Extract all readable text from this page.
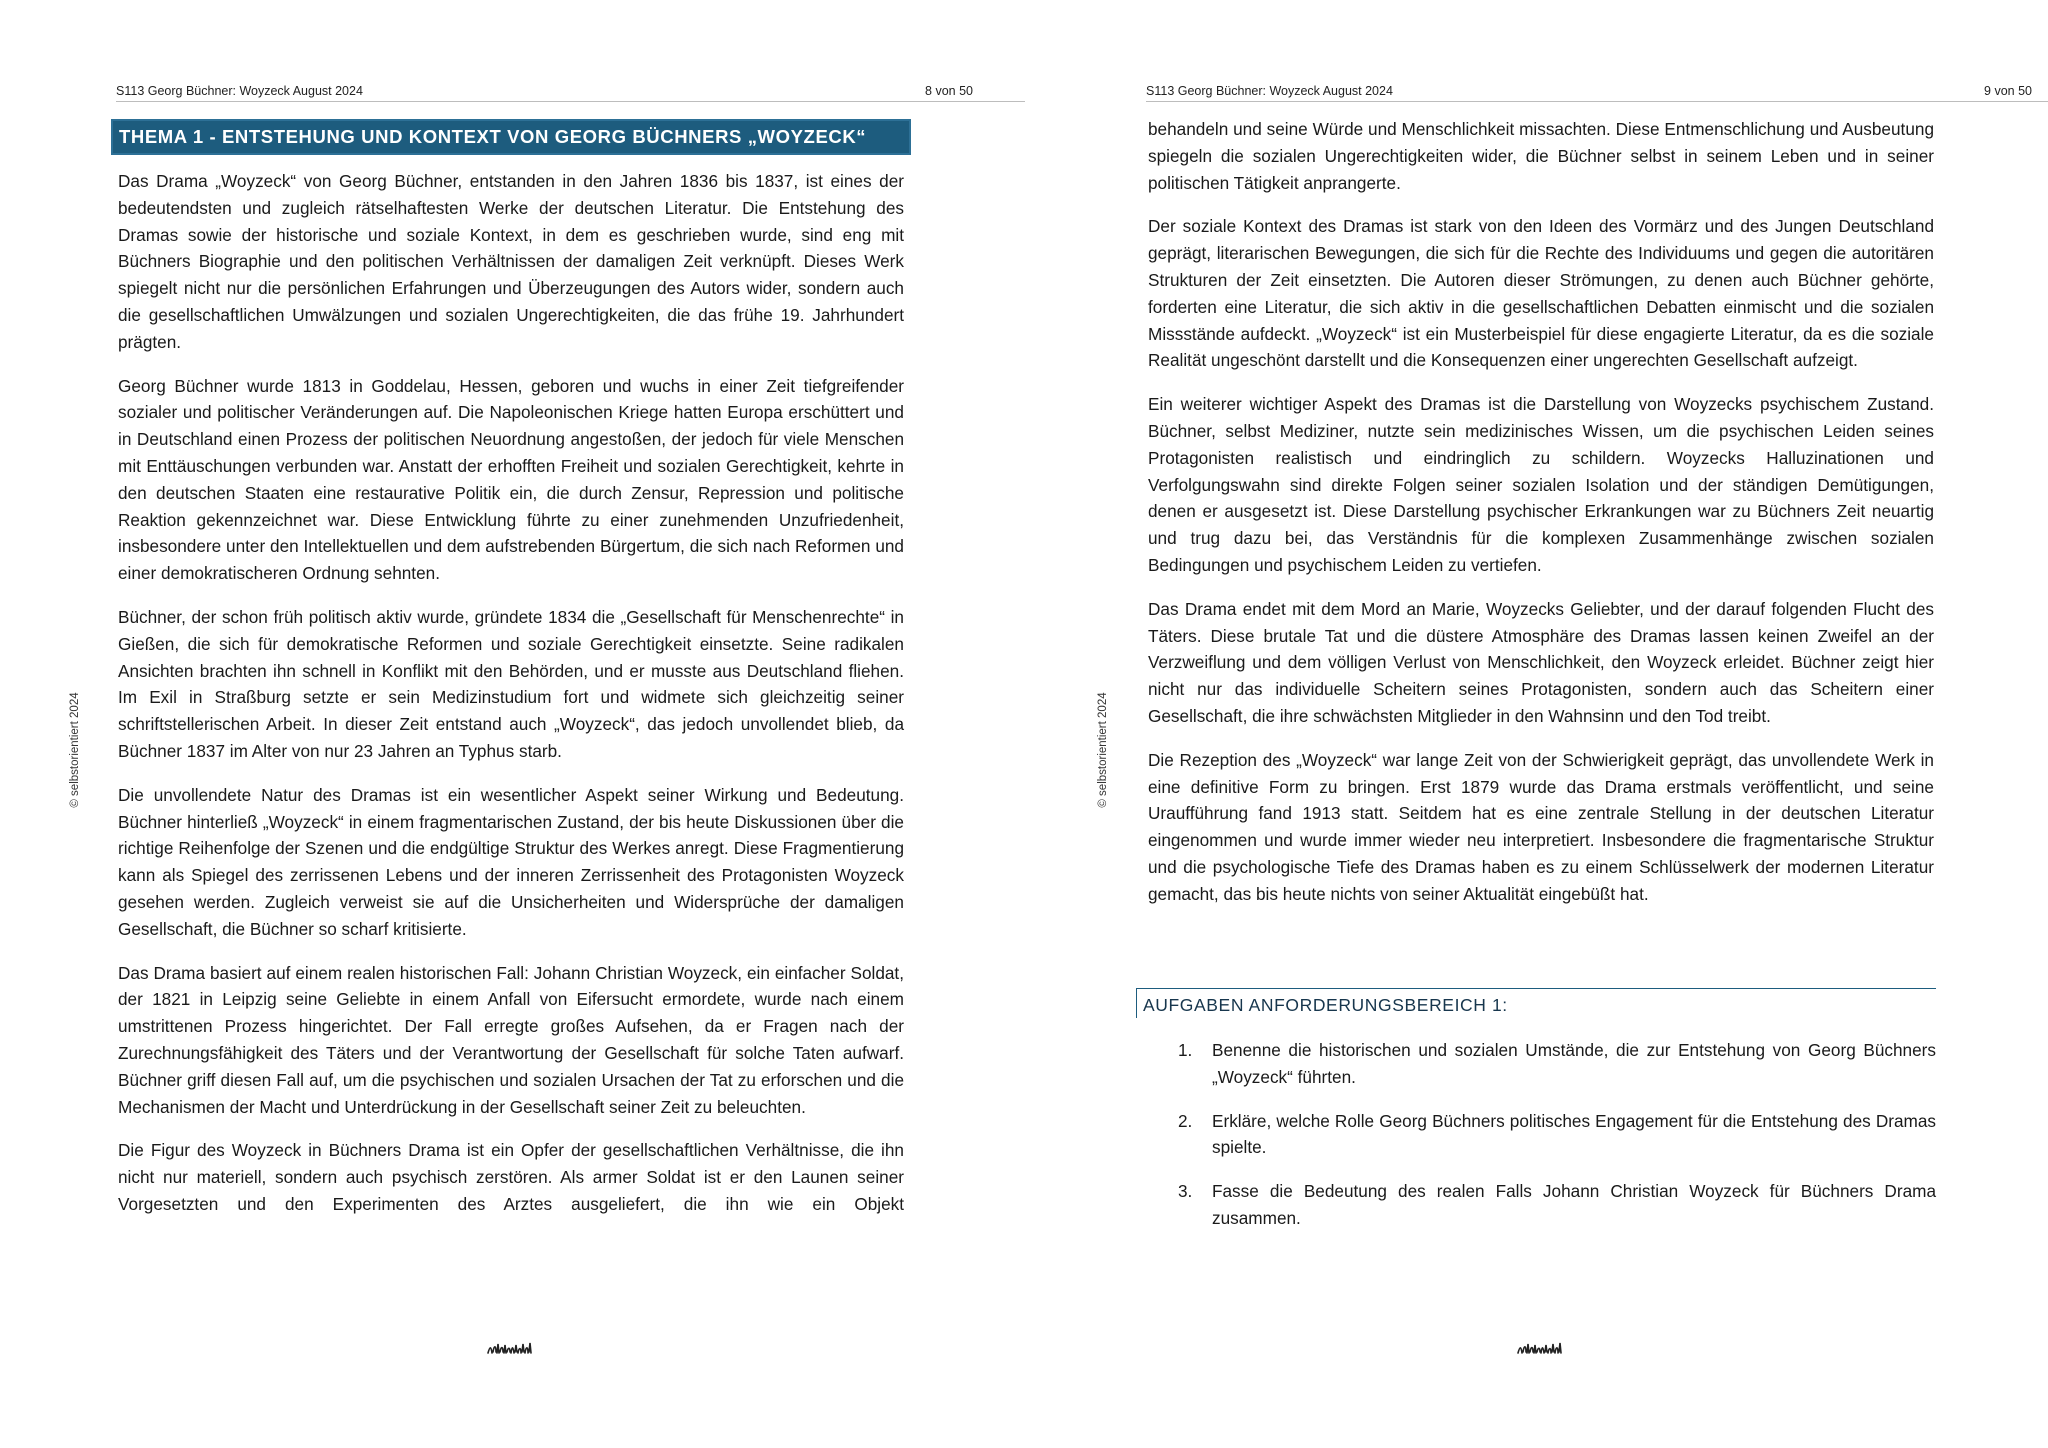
S113 Georg Büchner: Woyzeck August 2024	8 von 50
© selbstorientiert 2024
THEMA 1 - ENTSTEHUNG UND KONTEXT VON GEORG BÜCHNERS „WOYZECK“

Das Drama „Woyzeck“ von Georg Büchner, entstanden in den Jahren 1836 bis 1837, ist eines der bedeutendsten und zugleich rätselhaftesten Werke der deutschen Literatur. Die Entstehung des Dramas sowie der historische und soziale Kontext, in dem es geschrieben wurde, sind eng mit Büchners Biographie und den politischen Verhältnissen der damaligen Zeit verknüpft. Dieses Werk spiegelt nicht nur die persönlichen Erfahrungen und Überzeugungen des Autors wider, sondern auch die gesellschaftlichen Umwälzungen und sozialen Ungerechtigkeiten, die das frühe 19. Jahrhundert prägten.

Georg Büchner wurde 1813 in Goddelau, Hessen, geboren und wuchs in einer Zeit tiefgreifender sozialer und politischer Veränderungen auf. Die Napoleonischen Kriege hatten Europa erschüttert und in Deutschland einen Prozess der politischen Neuordnung angestoßen, der jedoch für viele Menschen mit Enttäuschungen verbunden war. Anstatt der erhofften Freiheit und sozialen Gerechtigkeit, kehrte in den deutschen Staaten eine restaurative Politik ein, die durch Zensur, Repression und politische Reaktion gekennzeichnet war. Diese Entwicklung führte zu einer zunehmenden Unzufriedenheit, insbesondere unter den Intellektuellen und dem aufstrebenden Bürgertum, die sich nach Reformen und einer demokratischeren Ordnung sehnten.

Büchner, der schon früh politisch aktiv wurde, gründete 1834 die „Gesellschaft für Menschenrechte“ in Gießen, die sich für demokratische Reformen und soziale Gerechtigkeit einsetzte. Seine radikalen Ansichten brachten ihn schnell in Konflikt mit den Behörden, und er musste aus Deutschland fliehen. Im Exil in Straßburg setzte er sein Medizinstudium fort und widmete sich gleichzeitig seiner schriftstellerischen Arbeit. In dieser Zeit entstand auch „Woyzeck“, das jedoch unvollendet blieb, da Büchner 1837 im Alter von nur 23 Jahren an Typhus starb.

Die unvollendete Natur des Dramas ist ein wesentlicher Aspekt seiner Wirkung und Bedeutung. Büchner hinterließ „Woyzeck“ in einem fragmentarischen Zustand, der bis heute Diskussionen über die richtige Reihenfolge der Szenen und die endgültige Struktur des Werkes anregt. Diese Fragmentierung kann als Spiegel des zerrissenen Lebens und der inneren Zerrissenheit des Protagonisten Woyzeck gesehen werden. Zugleich verweist sie auf die Unsicherheiten und Widersprüche der damaligen Gesellschaft, die Büchner so scharf kritisierte.

Das Drama basiert auf einem realen historischen Fall: Johann Christian Woyzeck, ein einfacher Soldat, der 1821 in Leipzig seine Geliebte in einem Anfall von Eifersucht ermordete, wurde nach einem umstrittenen Prozess hingerichtet. Der Fall erregte großes Aufsehen, da er Fragen nach der Zurechnungsfähigkeit des Täters und der Verantwortung der Gesellschaft für solche Taten aufwarf. Büchner griff diesen Fall auf, um die psychischen und sozialen Ursachen der Tat zu erforschen und die Mechanismen der Macht und Unterdrückung in der Gesellschaft seiner Zeit zu beleuchten.

Die Figur des Woyzeck in Büchners Drama ist ein Opfer der gesellschaftlichen Verhältnisse, die ihn nicht nur materiell, sondern auch psychisch zerstören. Als armer Soldat ist er den Launen seiner Vorgesetzten und den Experimenten des Arztes ausgeliefert, die ihn wie ein Objekt

S113 Georg Büchner: Woyzeck August 2024	9 von 50
© selbstorientiert 2024

behandeln und seine Würde und Menschlichkeit missachten. Diese Entmenschlichung und Ausbeutung spiegeln die sozialen Ungerechtigkeiten wider, die Büchner selbst in seinem Leben und in seiner politischen Tätigkeit anprangerte.

Der soziale Kontext des Dramas ist stark von den Ideen des Vormärz und des Jungen Deutschland geprägt, literarischen Bewegungen, die sich für die Rechte des Individuums und gegen die autoritären Strukturen der Zeit einsetzten. Die Autoren dieser Strömungen, zu denen auch Büchner gehörte, forderten eine Literatur, die sich aktiv in die gesellschaftlichen Debatten einmischt und die sozialen Missstände aufdeckt. „Woyzeck“ ist ein Musterbeispiel für diese engagierte Literatur, da es die soziale Realität ungeschönt darstellt und die Konsequenzen einer ungerechten Gesellschaft aufzeigt.

Ein weiterer wichtiger Aspekt des Dramas ist die Darstellung von Woyzecks psychischem Zustand. Büchner, selbst Mediziner, nutzte sein medizinisches Wissen, um die psychischen Leiden seines Protagonisten realistisch und eindringlich zu schildern. Woyzecks Halluzinationen und Verfolgungswahn sind direkte Folgen seiner sozialen Isolation und der ständigen Demütigungen, denen er ausgesetzt ist. Diese Darstellung psychischer Erkrankungen war zu Büchners Zeit neuartig und trug dazu bei, das Verständnis für die komplexen Zusammenhänge zwischen sozialen Bedingungen und psychischem Leiden zu vertiefen.

Das Drama endet mit dem Mord an Marie, Woyzecks Geliebter, und der darauf folgenden Flucht des Täters. Diese brutale Tat und die düstere Atmosphäre des Dramas lassen keinen Zweifel an der Verzweiflung und dem völligen Verlust von Menschlichkeit, den Woyzeck erleidet. Büchner zeigt hier nicht nur das individuelle Scheitern seines Protagonisten, sondern auch das Scheitern einer Gesellschaft, die ihre schwächsten Mitglieder in den Wahnsinn und den Tod treibt.

Die Rezeption des „Woyzeck“ war lange Zeit von der Schwierigkeit geprägt, das unvollendete Werk in eine definitive Form zu bringen. Erst 1879 wurde das Drama erstmals veröffentlicht, und seine Uraufführung fand 1913 statt. Seitdem hat es eine zentrale Stellung in der deutschen Literatur eingenommen und wurde immer wieder neu interpretiert. Insbesondere die fragmentarische Struktur und die psychologische Tiefe des Dramas haben es zu einem Schlüsselwerk der modernen Literatur gemacht, das bis heute nichts von seiner Aktualität eingebüßt hat.

AUFGABEN ANFORDERUNGSBEREICH 1:
1.	Benenne die historischen und sozialen Umstände, die zur Entstehung von Georg Büchners „Woyzeck“ führten.
2.	Erkläre, welche Rolle Georg Büchners politisches Engagement für die Entstehung des Dramas spielte.
3.	Fasse die Bedeutung des realen Falls Johann Christian Woyzeck für Büchners Drama zusammen.
